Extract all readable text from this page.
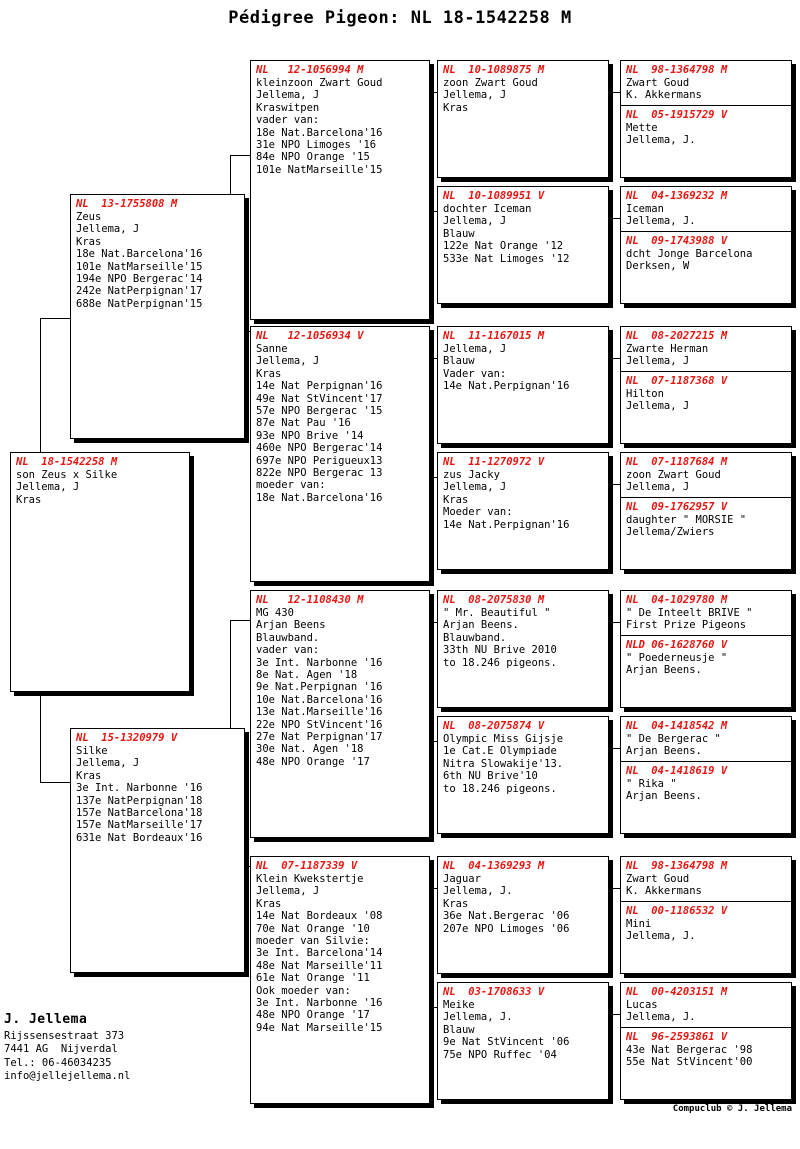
Pédigree Pigeon: NL 18-1542258 M
NL  18-1542258 M
son Zeus x Silke
Jellema, J
Kras
NL  13-1755808 M
Zeus
Jellema, J
Kras
18e Nat.Barcelona'16
101e NatMarseille'15
194e NPO Bergerac'14
242e NatPerpignan'17
688e NatPerpignan'15
NL  15-1320979 V
Silke
Jellema, J
Kras
3e Int. Narbonne '16
137e NatPerpignan'18
157e NatBarcelona'18
157e NatMarseille'17
631e Nat Bordeaux'16
NL   12-1056994 M
kleinzoon Zwart Goud
Jellema, J
Kraswitpen
vader van:
18e Nat.Barcelona'16
31e NPO Limoges '16
84e NPO Orange '15
101e NatMarseille'15
NL   12-1056934 V
Sanne
Jellema, J
Kras
14e Nat Perpignan'16
49e Nat StVincent'17
57e NPO Bergerac '15
87e Nat Pau '16
93e NPO Brive '14
460e NPO Bergerac'14
697e NPO Perigueux13
822e NPO Bergerac 13
moeder van:
18e Nat.Barcelona'16
NL   12-1108430 M
MG 430
Arjan Beens
Blauwband.
vader van:
3e Int. Narbonne '16
8e Nat. Agen '18
9e Nat.Perpignan '16
10e Nat.Barcelona'16
13e Nat.Marseille'16
22e NPO StVincent'16
27e Nat Perpignan'17
30e Nat. Agen '18
48e NPO Orange '17
NL  07-1187339 V
Klein Kwekstertje
Jellema, J
Kras
14e Nat Bordeaux '08
70e Nat Orange '10
moeder van Silvie:
3e Int. Barcelona'14
48e Nat Marseille'11
61e Nat Orange '11
Ook moeder van:
3e Int. Narbonne '16
48e NPO Orange '17
94e Nat Marseille'15
NL  10-1089875 M
zoon Zwart Goud
Jellema, J
Kras
NL  10-1089951 V
dochter Iceman
Jellema, J
Blauw
122e Nat Orange '12
533e Nat Limoges '12
NL  11-1167015 M
Jellema, J
Blauw
Vader van:
14e Nat.Perpignan'16
NL  11-1270972 V
zus Jacky
Jellema, J
Kras
Moeder van:
14e Nat.Perpignan'16
NL  08-2075830 M
" Mr. Beautiful "
Arjan Beens.
Blauwband.
33th NU Brive 2010
to 18.246 pigeons.
NL  08-2075874 V
Olympic Miss Gijsje
1e Cat.E Olympiade
Nitra Slowakije'13.
6th NU Brive'10
to 18.246 pigeons.
NL  04-1369293 M
Jaguar
Jellema, J.
Kras
36e Nat.Bergerac '06
207e NPO Limoges '06
NL  03-1708633 V
Meike
Jellema, J.
Blauw
9e Nat StVincent '06
75e NPO Ruffec '04
NL  98-1364798 M
Zwart Goud
K. Akkermans
NL  05-1915729 V
Mette
Jellema, J.
NL  04-1369232 M
Iceman
Jellema, J.
NL  09-1743988 V
dcht Jonge Barcelona
Derksen, W
NL  08-2027215 M
Zwarte Herman
Jellema, J
NL  07-1187368 V
Hilton
Jellema, J
NL  07-1187684 M
zoon Zwart Goud
Jellema, J
NL  09-1762957 V
daughter " MORSIE "
Jellema/Zwiers
NL  04-1029780 M
" De Inteelt BRIVE "
First Prize Pigeons
NLD 06-1628760 V
" Poederneusje "
Arjan Beens.
NL  04-1418542 M
" De Bergerac "
Arjan Beens.
NL  04-1418619 V
" Rika "
Arjan Beens.
NL  98-1364798 M
Zwart Goud
K. Akkermans
NL  00-1186532 V
Mini
Jellema, J.
NL  00-4203151 M
Lucas
Jellema, J.
NL  96-2593861 V
43e Nat Bergerac '98
55e Nat StVincent'00
J. Jellema
Rijssensestraat 373
7441 AG  Nijverdal
Tel.: 06-46034235
info@jellejellema.nl
Compuclub © J. Jellema
